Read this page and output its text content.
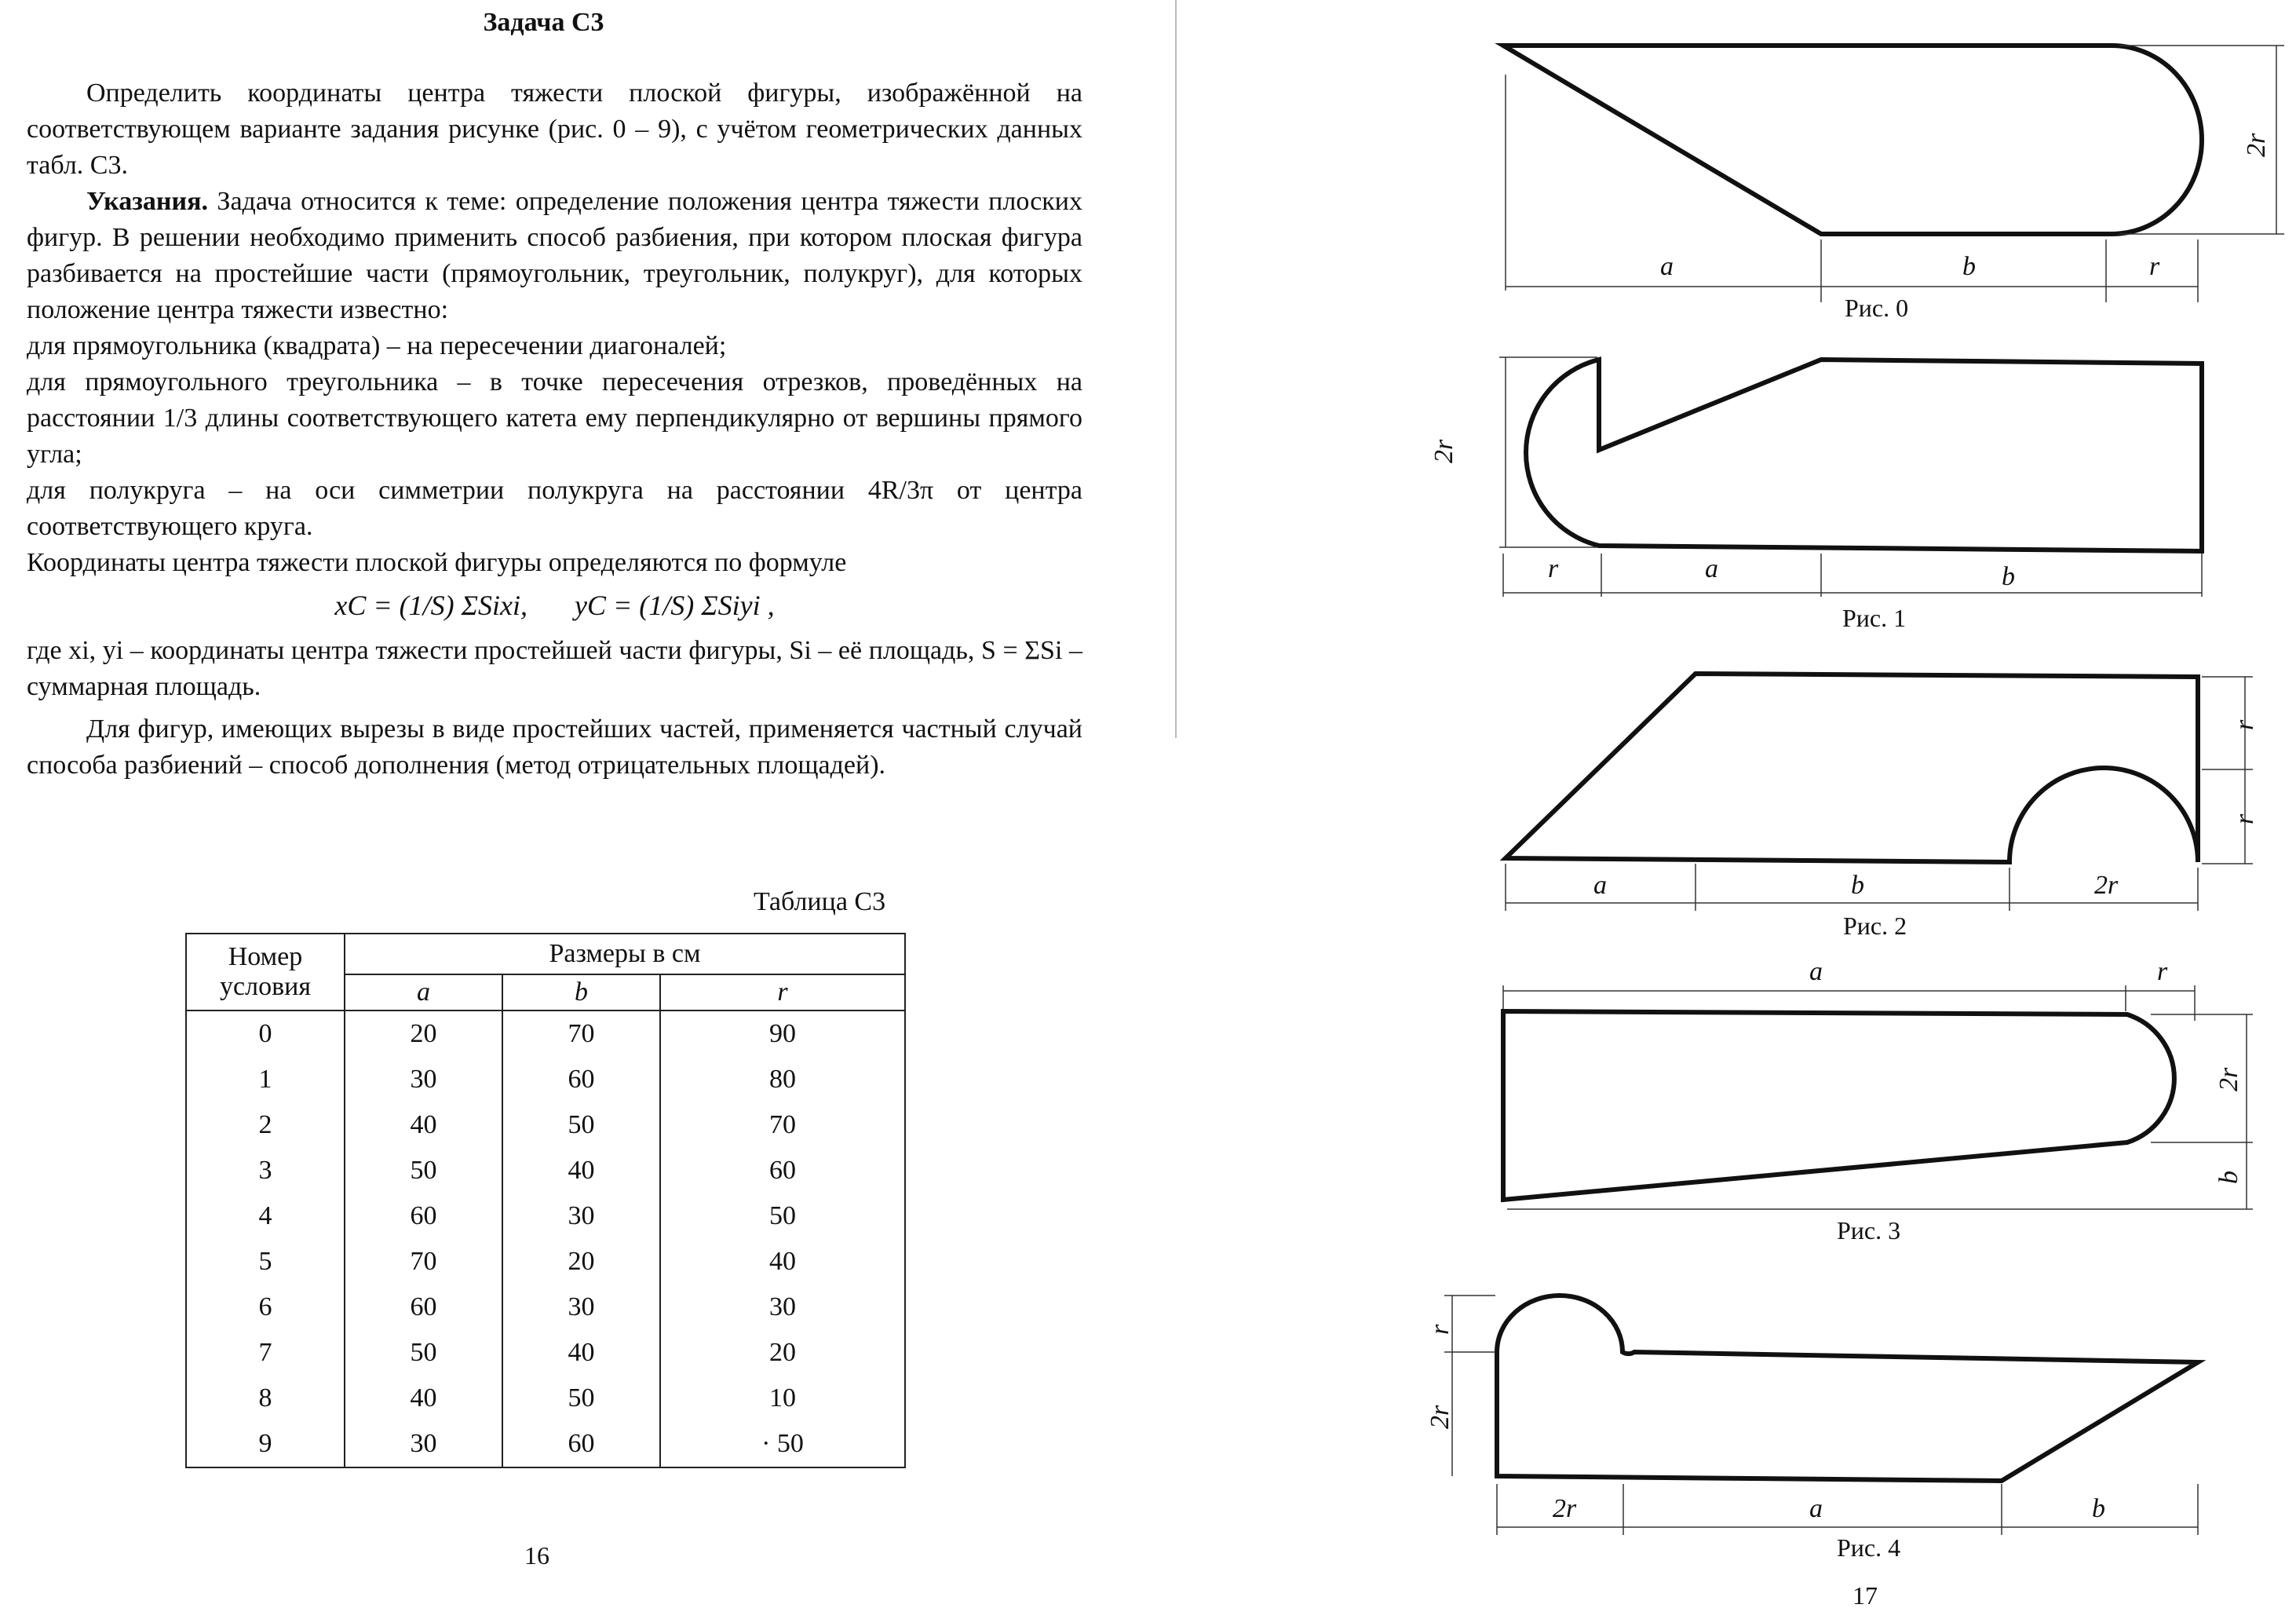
Задача С3

Определить координаты центра тяжести плоской фигуры, изображённой на соответствующем варианте задания рисунке (рис. 0 – 9), с учётом геометрических данных табл. С3.

Указания. Задача относится к теме: определение положения центра тяжести плоских фигур. В решении необходимо применить способ разбиения, при котором плоская фигура разбивается на простейшие части (прямоугольник, треугольник, полукруг), для которых положение центра тяжести известно:

для прямоугольника (квадрата) – на пересечении диагоналей;

для прямоугольного треугольника – в точке пересечения отрезков, проведённых на расстоянии 1/3 длины соответствующего катета ему перпендикулярно от вершины прямого угла;

для полукруга – на оси симметрии полукруга на расстоянии 4R/3π от центра соответствующего круга.

Координаты центра тяжести плоской фигуры определяются по формуле

xC = (1/S) ΣSixi, yC = (1/S) ΣSiyi ,

где xi, yi – координаты центра тяжести простейшей части фигуры, Si – её площадь, S = ΣSi – суммарная площадь.

Для фигур, имеющих вырезы в виде простейших частей, применяется частный случай способа разбиений – способ дополнения (метод отрицательных площадей).

Таблица С3
Номер условия	Размеры в см		
	a	b	r
0	20	70	90
1	30	60	80
2	40	50	70
3	50	40	60
4	60	30	50
5	70	20	40
6	60	30	30
7	50	40	20
8	40	50	10
9	30	60	· 50
16
a	b	r
2r
Рис. 0
2r
r	a	b
Рис. 1
r
r
a	b	2r
Рис. 2
a	r
2r
b
Рис. 3
r
2r
2r	a	b
Рис. 4
17
